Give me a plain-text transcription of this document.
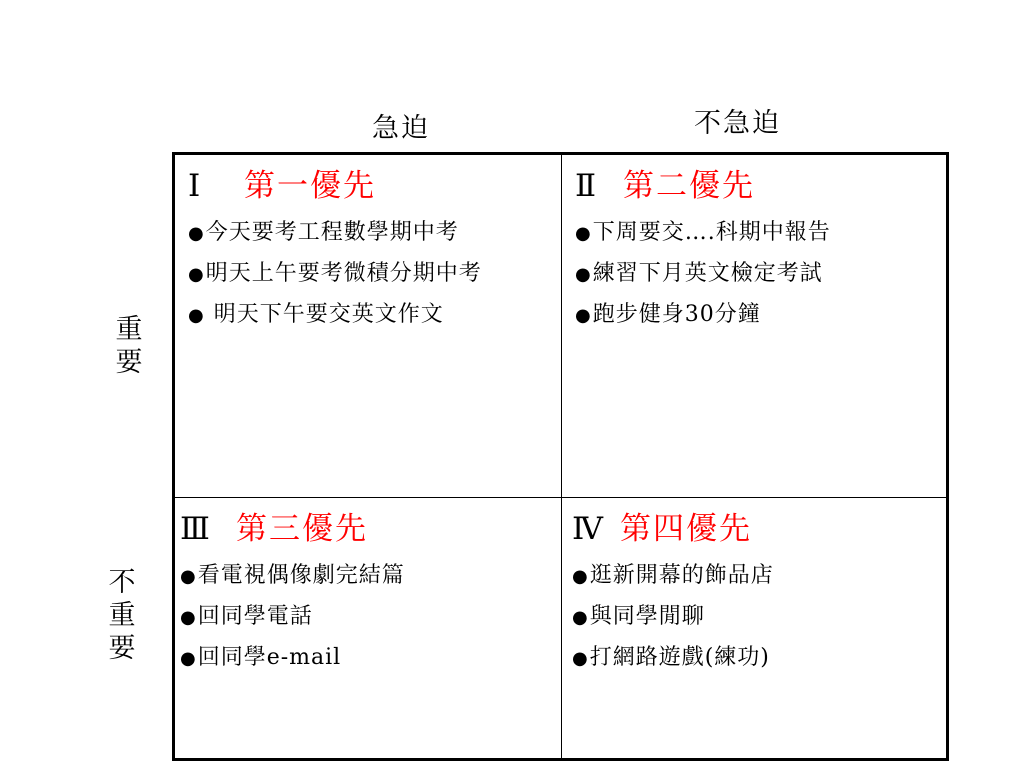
急迫	不急迫
重
要
不
重
要
Ⅰ 第一優先
●今天要考工程數學期中考
●明天上午要考微積分期中考
● 明天下午要交英文作文
Ⅱ 第二優先
●下周要交….科期中報告
●練習下月英文檢定考試
●跑步健身30分鐘
Ⅲ 第三優先
●看電視偶像劇完結篇
●回同學電話
●回同學e-mail
Ⅳ 第四優先
●逛新開幕的飾品店
●與同學閒聊
●打網路遊戲(練功)
